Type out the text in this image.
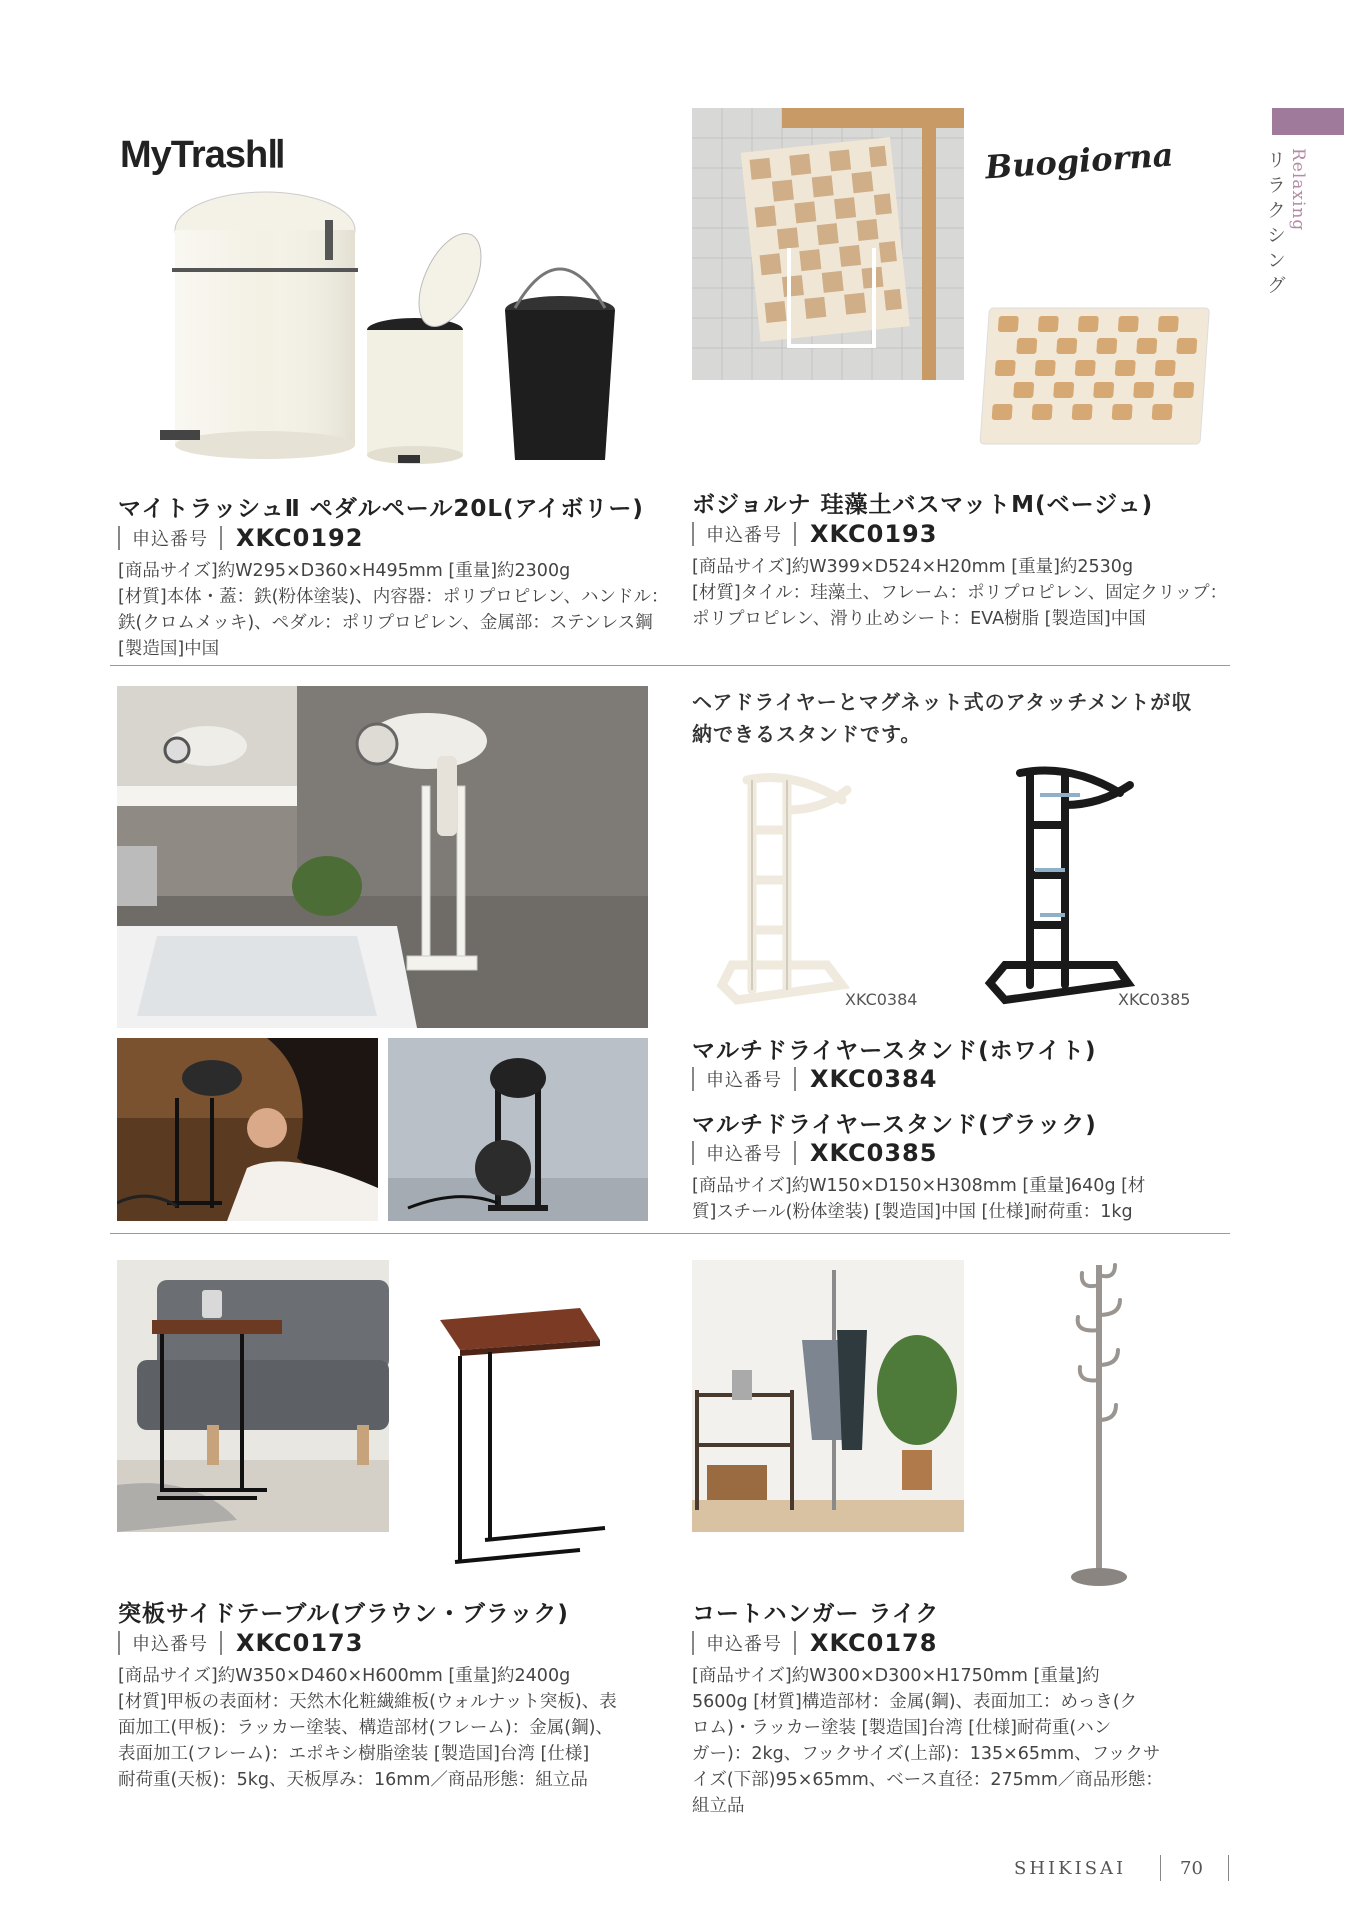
Relaxing
リラクシング
MyTrashⅡ
マイトラッシュⅡ ペダルペール20L(アイボリー)
申込番号	XKC0192
[商品サイズ]約W295×D360×H495mm [重量]約2300g
[材質]本体・蓋：鉄(粉体塗装)、内容器：ポリプロピレン、ハンドル：
鉄(クロムメッキ)、ペダル：ポリプロピレン、金属部：ステンレス鋼
[製造国]中国
Buogiorna
ボジョルナ 珪藻土バスマットM(ベージュ)
申込番号	XKC0193
[商品サイズ]約W399×D524×H20mm [重量]約2530g
[材質]タイル：珪藻土、フレーム：ポリプロピレン、固定クリップ：
ポリプロピレン、滑り止めシート：EVA樹脂 [製造国]中国
ヘアドライヤーとマグネット式のアタッチメントが収
納できるスタンドです。
XKC0384	XKC0385
マルチドライヤースタンド(ホワイト)
申込番号	XKC0384
マルチドライヤースタンド(ブラック)
申込番号	XKC0385
[商品サイズ]約W150×D150×H308mm [重量]640g [材
質]スチール(粉体塗装) [製造国]中国 [仕様]耐荷重：1kg
突板サイドテーブル(ブラウン・ブラック)
申込番号	XKC0173
[商品サイズ]約W350×D460×H600mm [重量]約2400g
[材質]甲板の表面材：天然木化粧繊維板(ウォルナット突板)、表
面加工(甲板)：ラッカー塗装、構造部材(フレーム)：金属(鋼)、
表面加工(フレーム)：エポキシ樹脂塗装 [製造国]台湾 [仕様]
耐荷重(天板)：5kg、天板厚み：16mm／商品形態：組立品
コートハンガー ライク
申込番号	XKC0178
[商品サイズ]約W300×D300×H1750mm [重量]約
5600g [材質]構造部材：金属(鋼)、表面加工：めっき(ク
ロム)・ラッカー塗装 [製造国]台湾 [仕様]耐荷重(ハン
ガー)：2kg、フックサイズ(上部)：135×65mm、フックサ
イズ(下部)95×65mm、ベース直径：275mm／商品形態：
組立品
SHIKISAI	70
